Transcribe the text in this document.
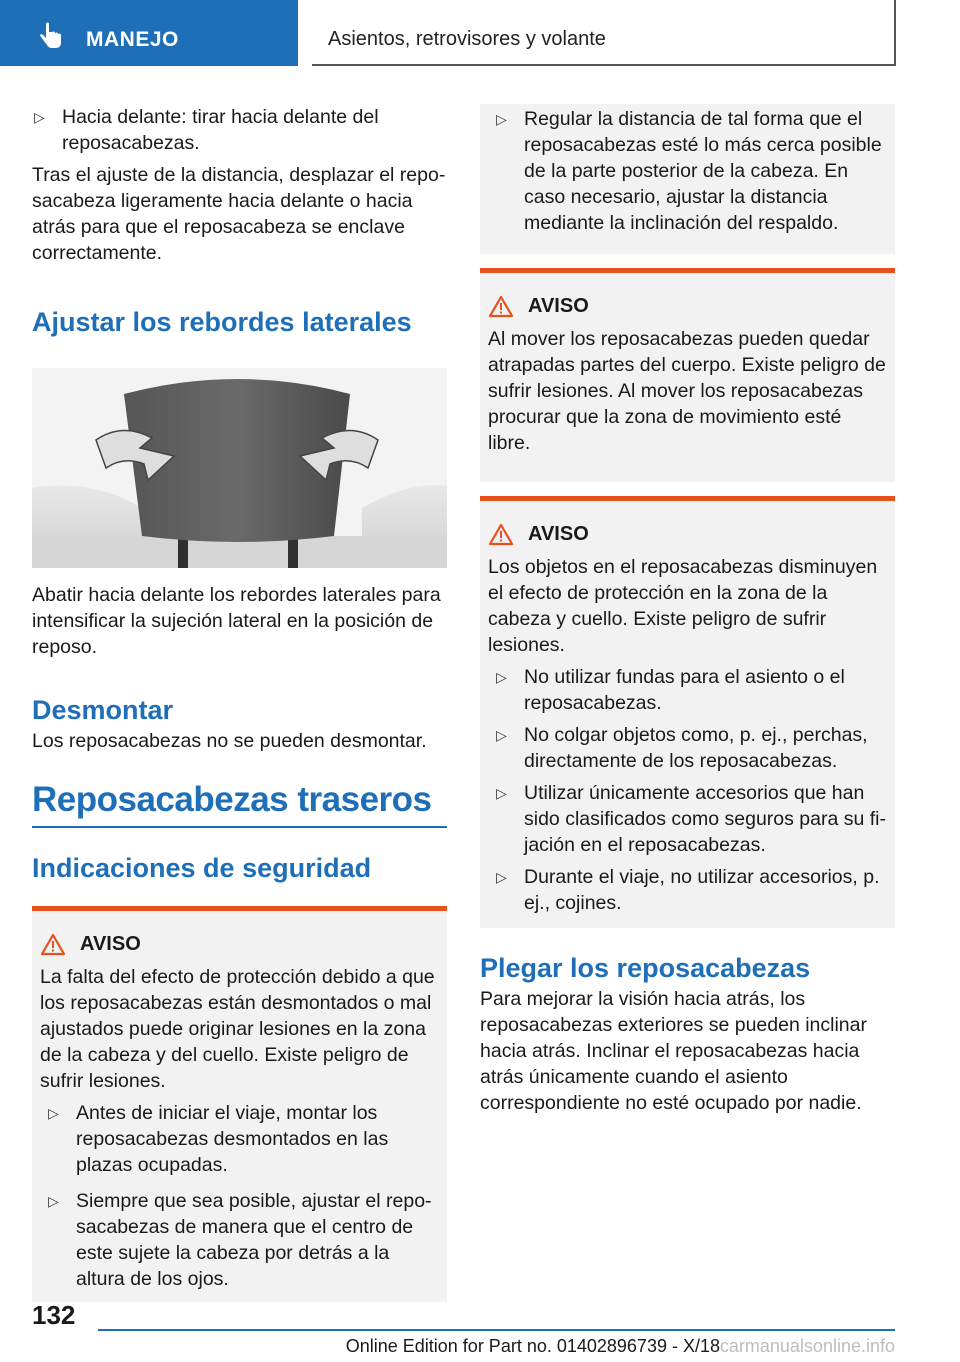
MANEJO	Asientos, retrovisores y volante
▷ Hacia delante: tirar hacia delante del reposacabezas.

Tras el ajuste de la distancia, desplazar el reposacabeza ligeramente hacia delante o hacia atrás para que el reposacabeza se enclave correctamente.

Ajustar los rebordes laterales

Abatir hacia delante los rebordes laterales para intensificar la sujeción lateral en la posición de reposo.

Desmontar

Los reposacabezas no se pueden desmontar.

Reposacabezas traseros
Indicaciones de seguridad
AVISO

La falta del efecto de protección debido a que los reposacabezas están desmontados o mal ajustados puede originar lesiones en la zona de la cabeza y del cuello. Existe peligro de sufrir lesiones.

▷ Antes de iniciar el viaje, montar los reposacabezas desmontados en las plazas ocupadas.
▷ Siempre que sea posible, ajustar el reposacabezas de manera que el centro de este sujete la cabeza por detrás a la altura de los ojos.
▷ Regular la distancia de tal forma que el reposacabezas esté lo más cerca posible de la parte posterior de la cabeza. En caso necesario, ajustar la distancia mediante la inclinación del respaldo.
AVISO

Al mover los reposacabezas pueden quedar atrapadas partes del cuerpo. Existe peligro de sufrir lesiones. Al mover los reposacabezas procurar que la zona de movimiento esté libre.

AVISO

Los objetos en el reposacabezas disminuyen el efecto de protección en la zona de la cabeza y cuello. Existe peligro de sufrir lesiones.

▷ No utilizar fundas para el asiento o el reposacabezas.
▷ No colgar objetos como, p. ej., perchas, directamente de los reposacabezas.
▷ Utilizar únicamente accesorios que han sido clasificados como seguros para su fijación en el reposacabezas.
▷ Durante el viaje, no utilizar accesorios, p. ej., cojines.
Plegar los reposacabezas

Para mejorar la visión hacia atrás, los reposacabezas exteriores se pueden inclinar hacia atrás. Inclinar el reposacabezas hacia atrás únicamente cuando el asiento correspondiente no esté ocupado por nadie.

132
Online Edition for Part no. 01402896739 - X/18 carmanualsonline.info
